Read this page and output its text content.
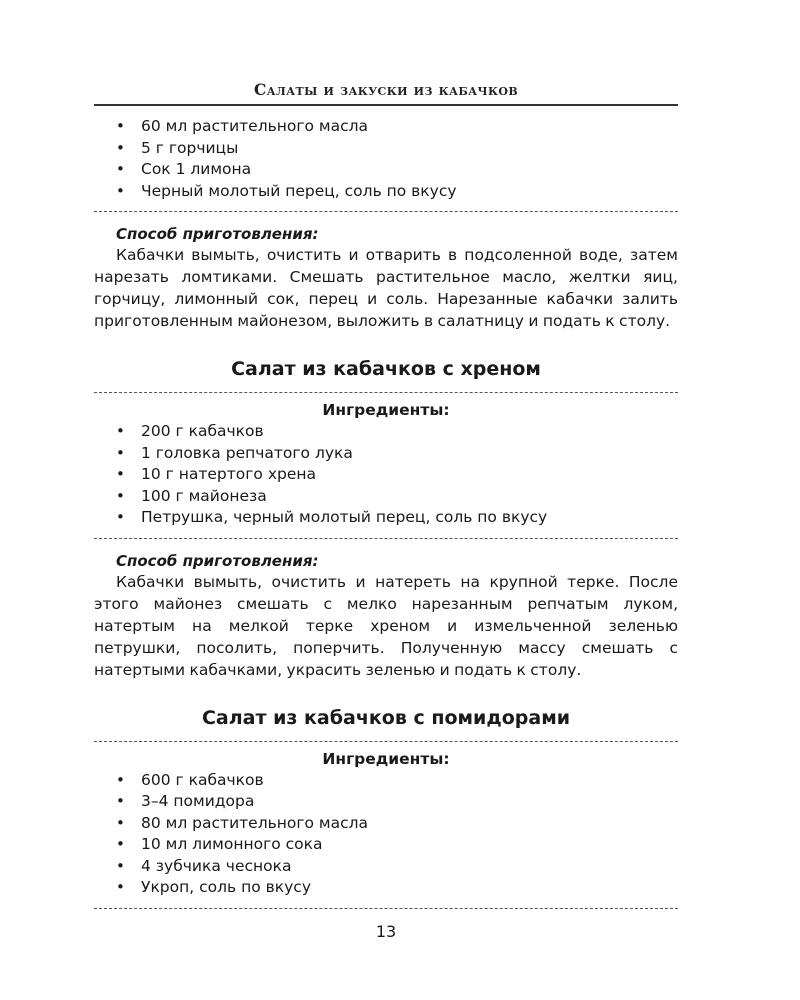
Салаты и закуски из кабачков
• 60 мл растительного масла
• 5 г горчицы
• Сок 1 лимона
• Черный молотый перец, соль по вкусу
Способ приготовления:

Кабачки вымыть, очистить и отварить в подсоленной воде, затем нарезать ломтиками. Смешать растительное масло, желтки яиц, горчицу, лимонный сок, перец и соль. Нарезанные кабачки залить приготовленным майонезом, выложить в салатницу и подать к столу.

Салат из кабачков с хреном
Ингредиенты:
• 200 г кабачков
• 1 головка репчатого лука
• 10 г натертого хрена
• 100 г майонеза
• Петрушка, черный молотый перец, соль по вкусу
Способ приготовления:

Кабачки вымыть, очистить и натереть на крупной терке. После этого майонез смешать с мелко нарезанным репчатым луком, натертым на мелкой терке хреном и измельченной зеленью петрушки, посолить, поперчить. Полученную массу смешать с натертыми кабачками, украсить зеленью и подать к столу.

Салат из кабачков с помидорами
Ингредиенты:
• 600 г кабачков
• 3–4 помидора
• 80 мл растительного масла
• 10 мл лимонного сока
• 4 зубчика чеснока
• Укроп, соль по вкусу
13
